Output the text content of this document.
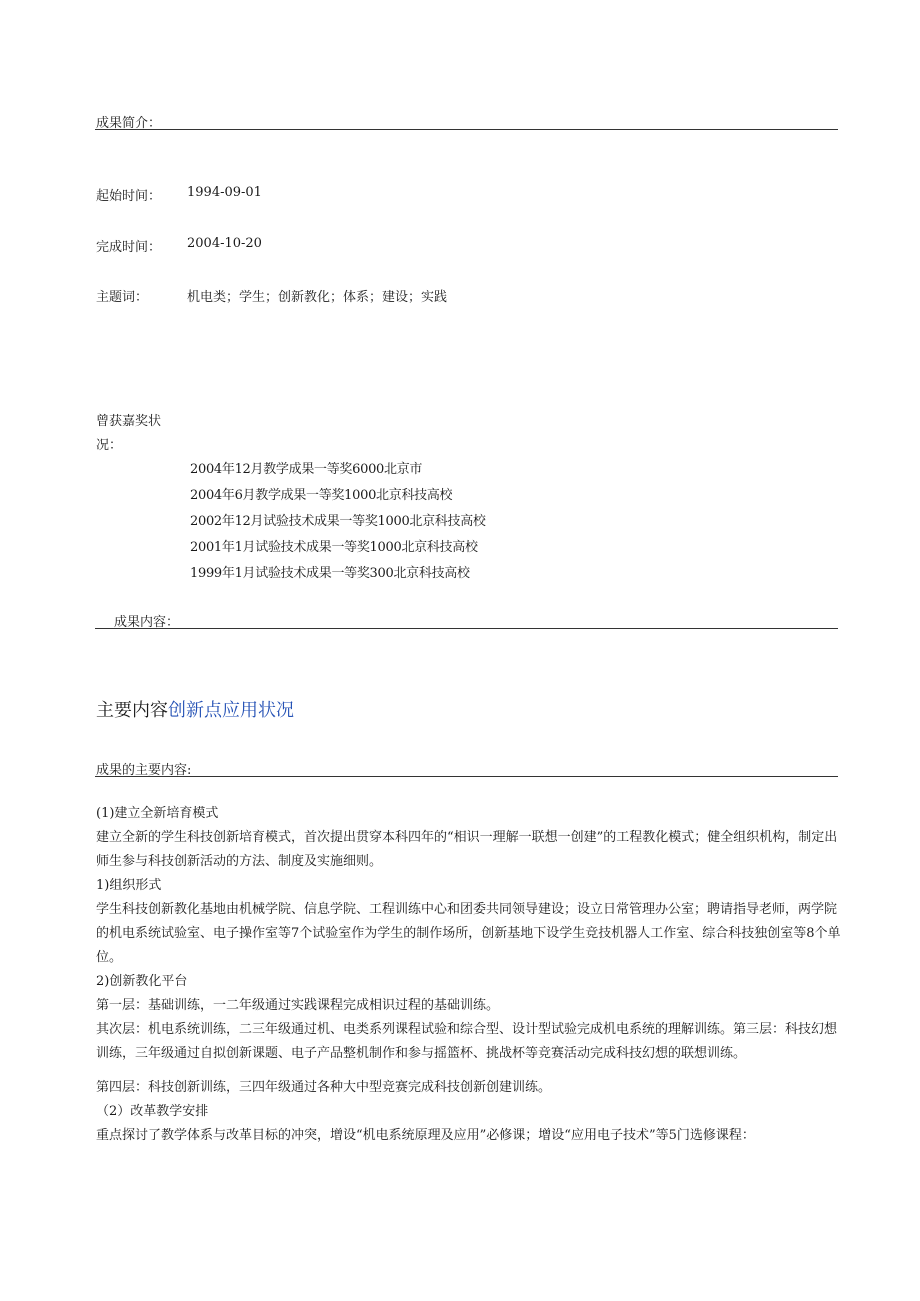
成果简介：
起始时间： 1994-09-01
完成时间： 2004-10-20
主题词：	机电类；学生；创新教化；体系；建设；实践
曾获嘉奖状
况：
2004年12月教学成果一等奖6000北京市
2004年6月教学成果一等奖1000北京科技高校
2002年12月试验技术成果一等奖1000北京科技高校
2001年1月试验技术成果一等奖1000北京科技高校
1999年1月试验技术成果一等奖300北京科技高校
成果内容：
主要内容创新点应用状况
成果的主要内容:

(1)建立全新培育模式

建立全新的学生科技创新培育模式，首次提出贯穿本科四年的“相识一理解一联想一创建”的工程教化模式；健全组织机构，制定出师生参与科技创新活动的方法、制度及实施细则。

1)组织形式

学生科技创新教化基地由机械学院、信息学院、工程训练中心和团委共同领导建设；设立日常管理办公室；聘请指导老师，两学院的机电系统试验室、电子操作室等7个试验室作为学生的制作场所，创新基地下设学生竞技机器人工作室、综合科技独创室等8个单位。

2)创新教化平台

第一层：基础训练，一二年级通过实践课程完成相识过程的基础训练。

其次层：机电系统训练，二三年级通过机、电类系列课程试验和综合型、设计型试验完成机电系统的理解训练。第三层：科技幻想训练，三年级通过自拟创新课题、电子产品整机制作和参与摇篮杯、挑战杯等竞赛活动完成科技幻想的联想训练。

第四层：科技创新训练，三四年级通过各种大中型竞赛完成科技创新创建训练。

（2）改革教学安排

重点探讨了教学体系与改革目标的冲突，增设“机电系统原理及应用”必修课；增设“应用电子技术”等5门选修课程：
